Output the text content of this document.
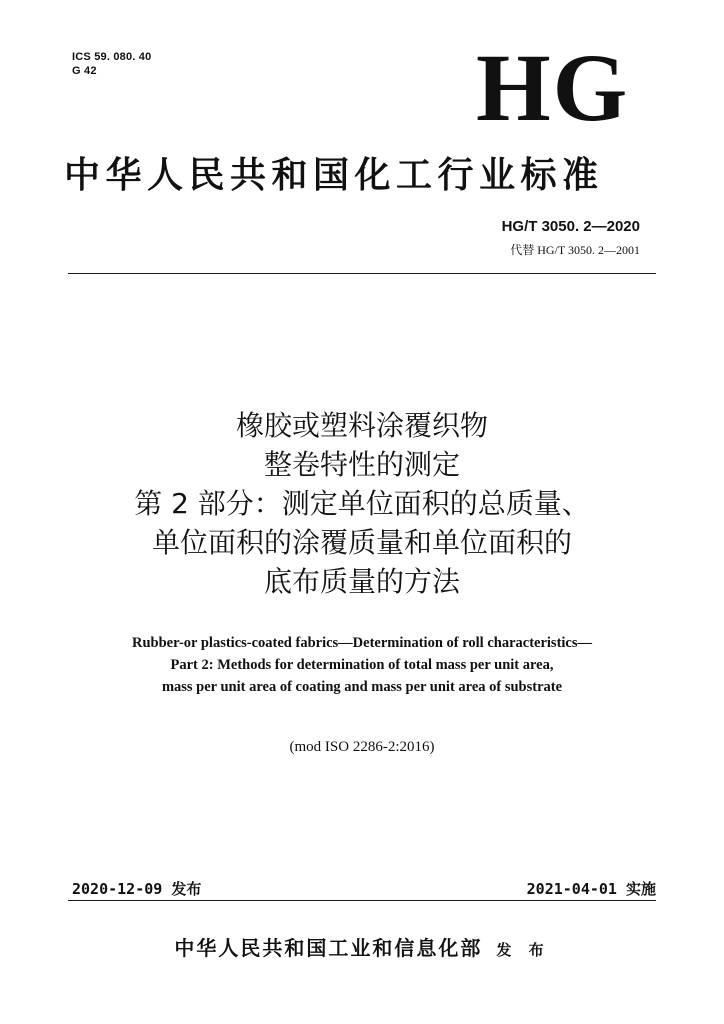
ICS 59. 080. 40
G 42	HG
中华人民共和国化工行业标准
HG/T 3050. 2—2020
代替 HG/T 3050. 2—2001
橡胶或塑料涂覆织物
整卷特性的测定
第 2 部分：测定单位面积的总质量、
单位面积的涂覆质量和单位面积的
底布质量的方法
Rubber-or plastics-coated fabrics—Determination of roll characteristics—
Part 2: Methods for determination of total mass per unit area,
mass per unit area of coating and mass per unit area of substrate
(mod ISO 2286-2:2016)
2020-12-09 发布	2021-04-01 实施
中华人民共和国工业和信息化部 发 布
